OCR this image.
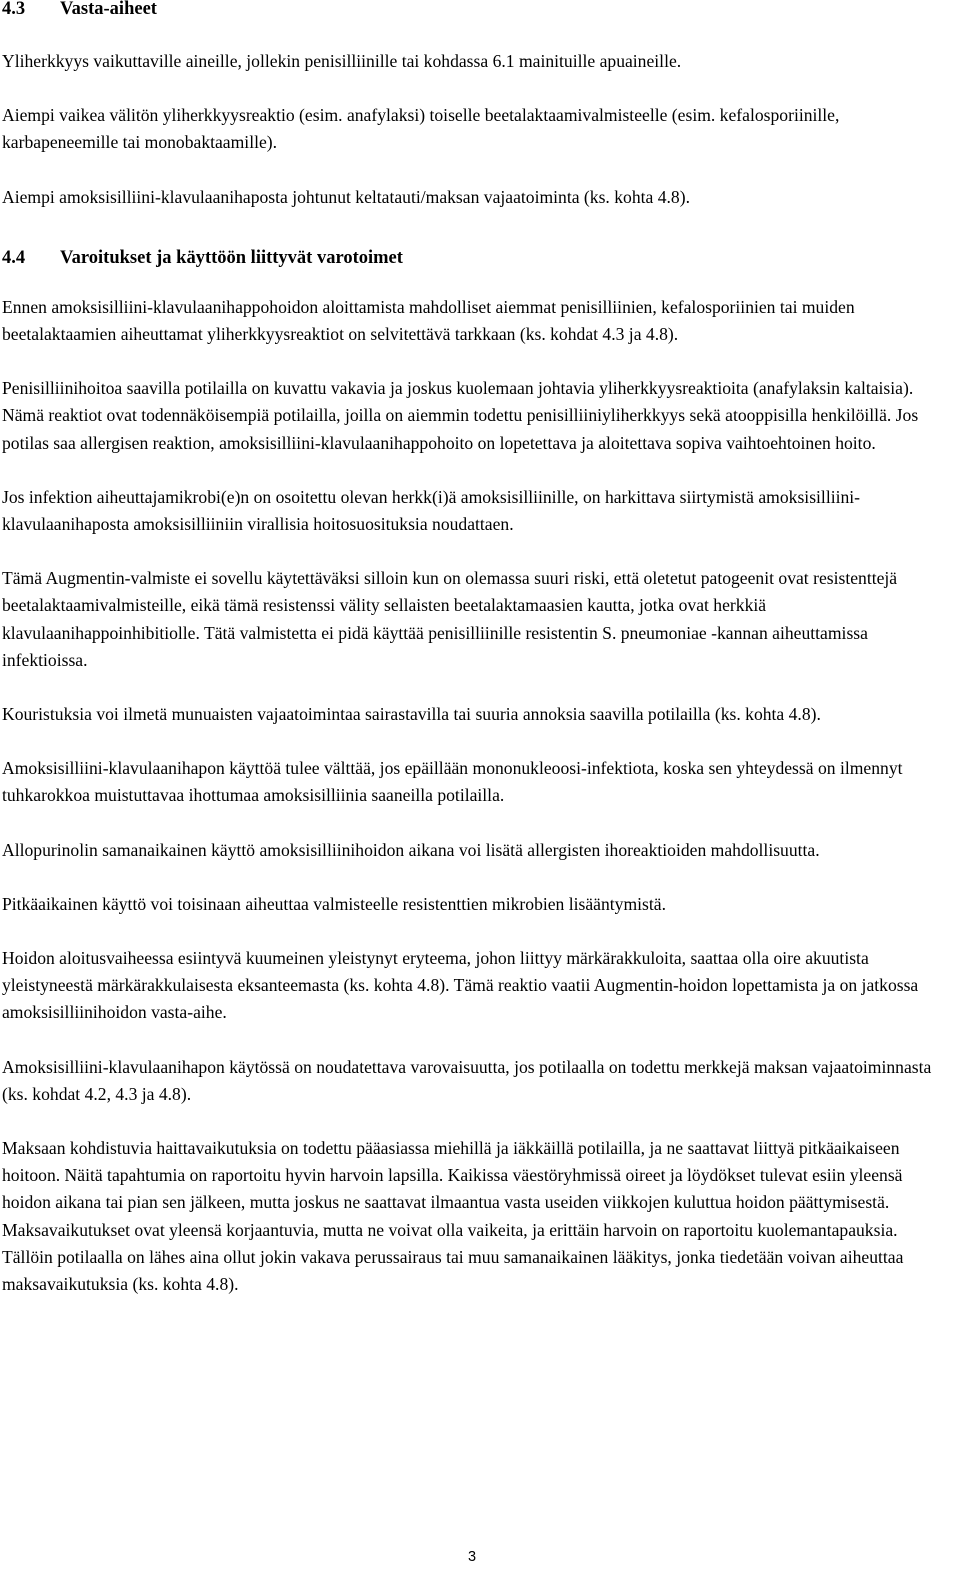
4.3 Vasta-aiheet

Yliherkkyys vaikuttaville aineille, jollekin penisilliinille tai kohdassa 6.1 mainituille apuaineille.

Aiempi vaikea välitön yliherkkyysreaktio (esim. anafylaksi) toiselle beetalaktaamivalmisteelle (esim. kefalosporiinille, karbapeneemille tai monobaktaamille).

Aiempi amoksisilliini-klavulaanihaposta johtunut keltatauti/maksan vajaatoiminta (ks. kohta 4.8).

4.4 Varoitukset ja käyttöön liittyvät varotoimet

Ennen amoksisilliini-klavulaanihappohoidon aloittamista mahdolliset aiemmat penisilliinien, kefalosporiinien tai muiden beetalaktaamien aiheuttamat yliherkkyysreaktiot on selvitettävä tarkkaan (ks. kohdat 4.3 ja 4.8).

Penisilliinihoitoa saavilla potilailla on kuvattu vakavia ja joskus kuolemaan johtavia yliherkkyysreaktioita (anafylaksin kaltaisia). Nämä reaktiot ovat todennäköisempiä potilailla, joilla on aiemmin todettu penisilliiniyliherkkyys sekä atooppisilla henkilöillä. Jos potilas saa allergisen reaktion, amoksisilliini-klavulaanihappohoito on lopetettava ja aloitettava sopiva vaihtoehtoinen hoito.

Jos infektion aiheuttajamikrobi(e)n on osoitettu olevan herkk(i)ä amoksisilliinille, on harkittava siirtymistä amoksisilliini-klavulaanihaposta amoksisilliiniin virallisia hoitosuosituksia noudattaen.

Tämä Augmentin-valmiste ei sovellu käytettäväksi silloin kun on olemassa suuri riski, että oletetut patogeenit ovat resistenttejä beetalaktaamivalmisteille, eikä tämä resistenssi välity sellaisten beetalaktamaasien kautta, jotka ovat herkkiä klavulaanihappoinhibitiolle. Tätä valmistetta ei pidä käyttää penisilliinille resistentin S. pneumoniae -kannan aiheuttamissa infektioissa.

Kouristuksia voi ilmetä munuaisten vajaatoimintaa sairastavilla tai suuria annoksia saavilla potilailla (ks. kohta 4.8).

Amoksisilliini-klavulaanihapon käyttöä tulee välttää, jos epäillään mononukleoosi-infektiota, koska sen yhteydessä on ilmennyt tuhkarokkoa muistuttavaa ihottumaa amoksisilliinia saaneilla potilailla.

Allopurinolin samanaikainen käyttö amoksisilliinihoidon aikana voi lisätä allergisten ihoreaktioiden mahdollisuutta.

Pitkäaikainen käyttö voi toisinaan aiheuttaa valmisteelle resistenttien mikrobien lisääntymistä.

Hoidon aloitusvaiheessa esiintyvä kuumeinen yleistynyt eryteema, johon liittyy märkärakkuloita, saattaa olla oire akuutista yleistyneestä märkärakkulaisesta eksanteemasta (ks. kohta 4.8). Tämä reaktio vaatii Augmentin-hoidon lopettamista ja on jatkossa amoksisilliinihoidon vasta-aihe.

Amoksisilliini-klavulaanihapon käytössä on noudatettava varovaisuutta, jos potilaalla on todettu merkkejä maksan vajaatoiminnasta (ks. kohdat 4.2, 4.3 ja 4.8).

Maksaan kohdistuvia haittavaikutuksia on todettu pääasiassa miehillä ja iäkkäillä potilailla, ja ne saattavat liittyä pitkäaikaiseen hoitoon. Näitä tapahtumia on raportoitu hyvin harvoin lapsilla. Kaikissa väestöryhmissä oireet ja löydökset tulevat esiin yleensä hoidon aikana tai pian sen jälkeen, mutta joskus ne saattavat ilmaantua vasta useiden viikkojen kuluttua hoidon päättymisestä. Maksavaikutukset ovat yleensä korjaantuvia, mutta ne voivat olla vaikeita, ja erittäin harvoin on raportoitu kuolemantapauksia. Tällöin potilaalla on lähes aina ollut jokin vakava perussairaus tai muu samanaikainen lääkitys, jonka tiedetään voivan aiheuttaa maksavaikutuksia (ks. kohta 4.8).

3
